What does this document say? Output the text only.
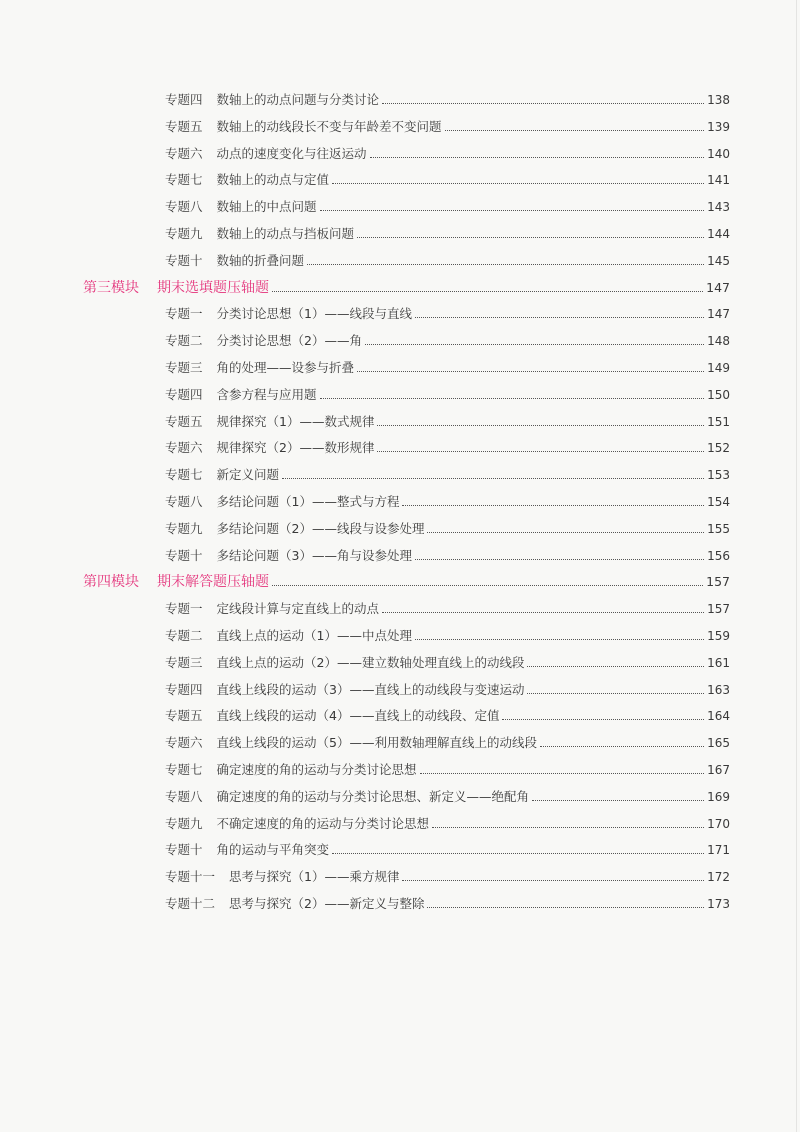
专题四 数轴上的动点问题与分类讨论	138
专题五 数轴上的动线段长不变与年龄差不变问题	139
专题六 动点的速度变化与往返运动	140
专题七 数轴上的动点与定值	141
专题八 数轴上的中点问题	143
专题九 数轴上的动点与挡板问题	144
专题十 数轴的折叠问题	145
第三模块 期末选填题压轴题	147
专题一 分类讨论思想（1）——线段与直线	147
专题二 分类讨论思想（2）——角	148
专题三 角的处理——设参与折叠	149
专题四 含参方程与应用题	150
专题五 规律探究（1）——数式规律	151
专题六 规律探究（2）——数形规律	152
专题七 新定义问题	153
专题八 多结论问题（1）——整式与方程	154
专题九 多结论问题（2）——线段与设参处理	155
专题十 多结论问题（3）——角与设参处理	156
第四模块 期末解答题压轴题	157
专题一 定线段计算与定直线上的动点	157
专题二 直线上点的运动（1）——中点处理	159
专题三 直线上点的运动（2）——建立数轴处理直线上的动线段	161
专题四 直线上线段的运动（3）——直线上的动线段与变速运动	163
专题五 直线上线段的运动（4）——直线上的动线段、定值	164
专题六 直线上线段的运动（5）——利用数轴理解直线上的动线段	165
专题七 确定速度的角的运动与分类讨论思想	167
专题八 确定速度的角的运动与分类讨论思想、新定义——绝配角	169
专题九 不确定速度的角的运动与分类讨论思想	170
专题十 角的运动与平角突变	171
专题十一 思考与探究（1）——乘方规律	172
专题十二 思考与探究（2）——新定义与整除	173
